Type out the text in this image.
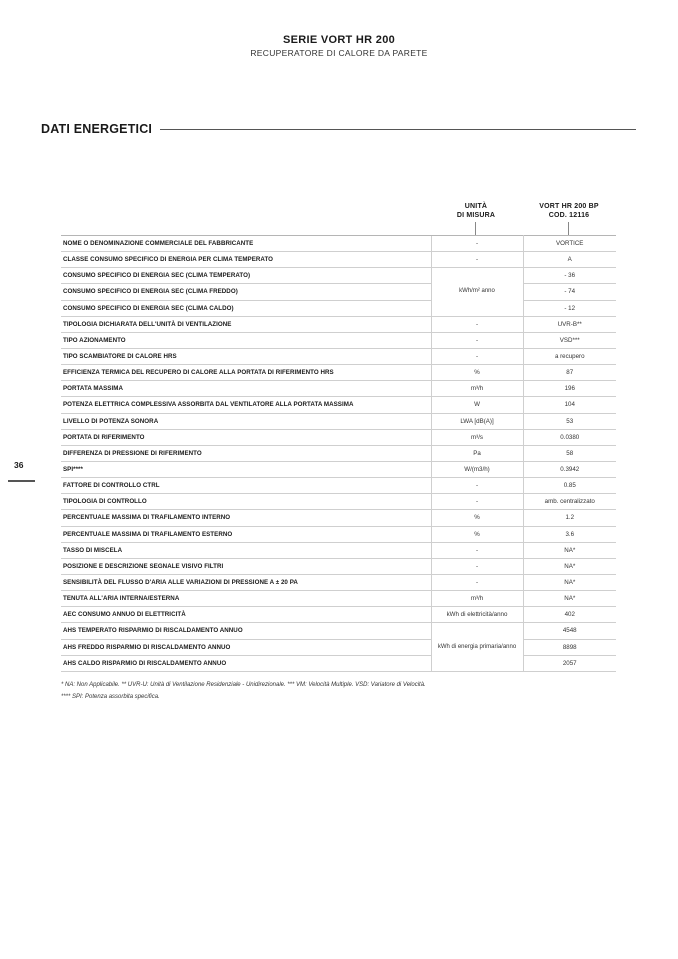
SERIE VORT HR 200
RECUPERATORE DI CALORE DA PARETE
DATI ENERGETICI
UNITÀ
DI MISURA
VORT HR 200 BP
COD. 12116
NOME O DENOMINAZIONE COMMERCIALE DEL FABBRICANTE	-	VORTICE
CLASSE CONSUMO SPECIFICO DI ENERGIA PER CLIMA TEMPERATO	-	A
CONSUMO SPECIFICO DI ENERGIA SEC (CLIMA TEMPERATO)	kWh/m² anno	- 36
CONSUMO SPECIFICO DI ENERGIA SEC (CLIMA FREDDO)		- 74
CONSUMO SPECIFICO DI ENERGIA SEC (CLIMA CALDO)		- 12
TIPOLOGIA DICHIARATA DELL'UNITÀ DI VENTILAZIONE	-	UVR-B**
TIPO AZIONAMENTO	-	VSD***
TIPO SCAMBIATORE DI CALORE HRS	-	a recupero
EFFICIENZA TERMICA DEL RECUPERO DI CALORE ALLA PORTATA DI RIFERIMENTO HRS	%	87
PORTATA MASSIMA	m³/h	196
POTENZA ELETTRICA COMPLESSIVA ASSORBITA DAL VENTILATORE ALLA PORTATA MASSIMA	W	104
LIVELLO DI POTENZA SONORA	LWA [dB(A)]	53
PORTATA DI RIFERIMENTO	m³/s	0.0380
DIFFERENZA DI PRESSIONE DI RIFERIMENTO	Pa	58
SPI****	W/(m3/h)	0.3942
FATTORE DI CONTROLLO CTRL	-	0.85
TIPOLOGIA DI CONTROLLO	-	amb. centralizzato
PERCENTUALE MASSIMA DI TRAFILAMENTO INTERNO	%	1.2
PERCENTUALE MASSIMA DI TRAFILAMENTO ESTERNO	%	3.6
TASSO DI MISCELA	-	NA*
POSIZIONE E DESCRIZIONE SEGNALE VISIVO FILTRI	-	NA*
SENSIBILITÀ DEL FLUSSO D'ARIA ALLE VARIAZIONI DI PRESSIONE A ± 20 PA	-	NA*
TENUTA ALL'ARIA INTERNA/ESTERNA	m³/h	NA*
AEC CONSUMO ANNUO DI ELETTRICITÀ	kWh di elettricità/anno	402
AHS TEMPERATO RISPARMIO DI RISCALDAMENTO ANNUO	kWh di energia primaria/anno	4548
AHS FREDDO RISPARMIO DI RISCALDAMENTO ANNUO		8898
AHS CALDO RISPARMIO DI RISCALDAMENTO ANNUO		2057
36
* NA: Non Applicabile. ** UVR-U: Unità di Ventilazione Residenziale - Unidirezionale. *** VM: Velocità Multiple. VSD: Variatore di Velocità.
**** SPI: Potenza assorbita specifica.
